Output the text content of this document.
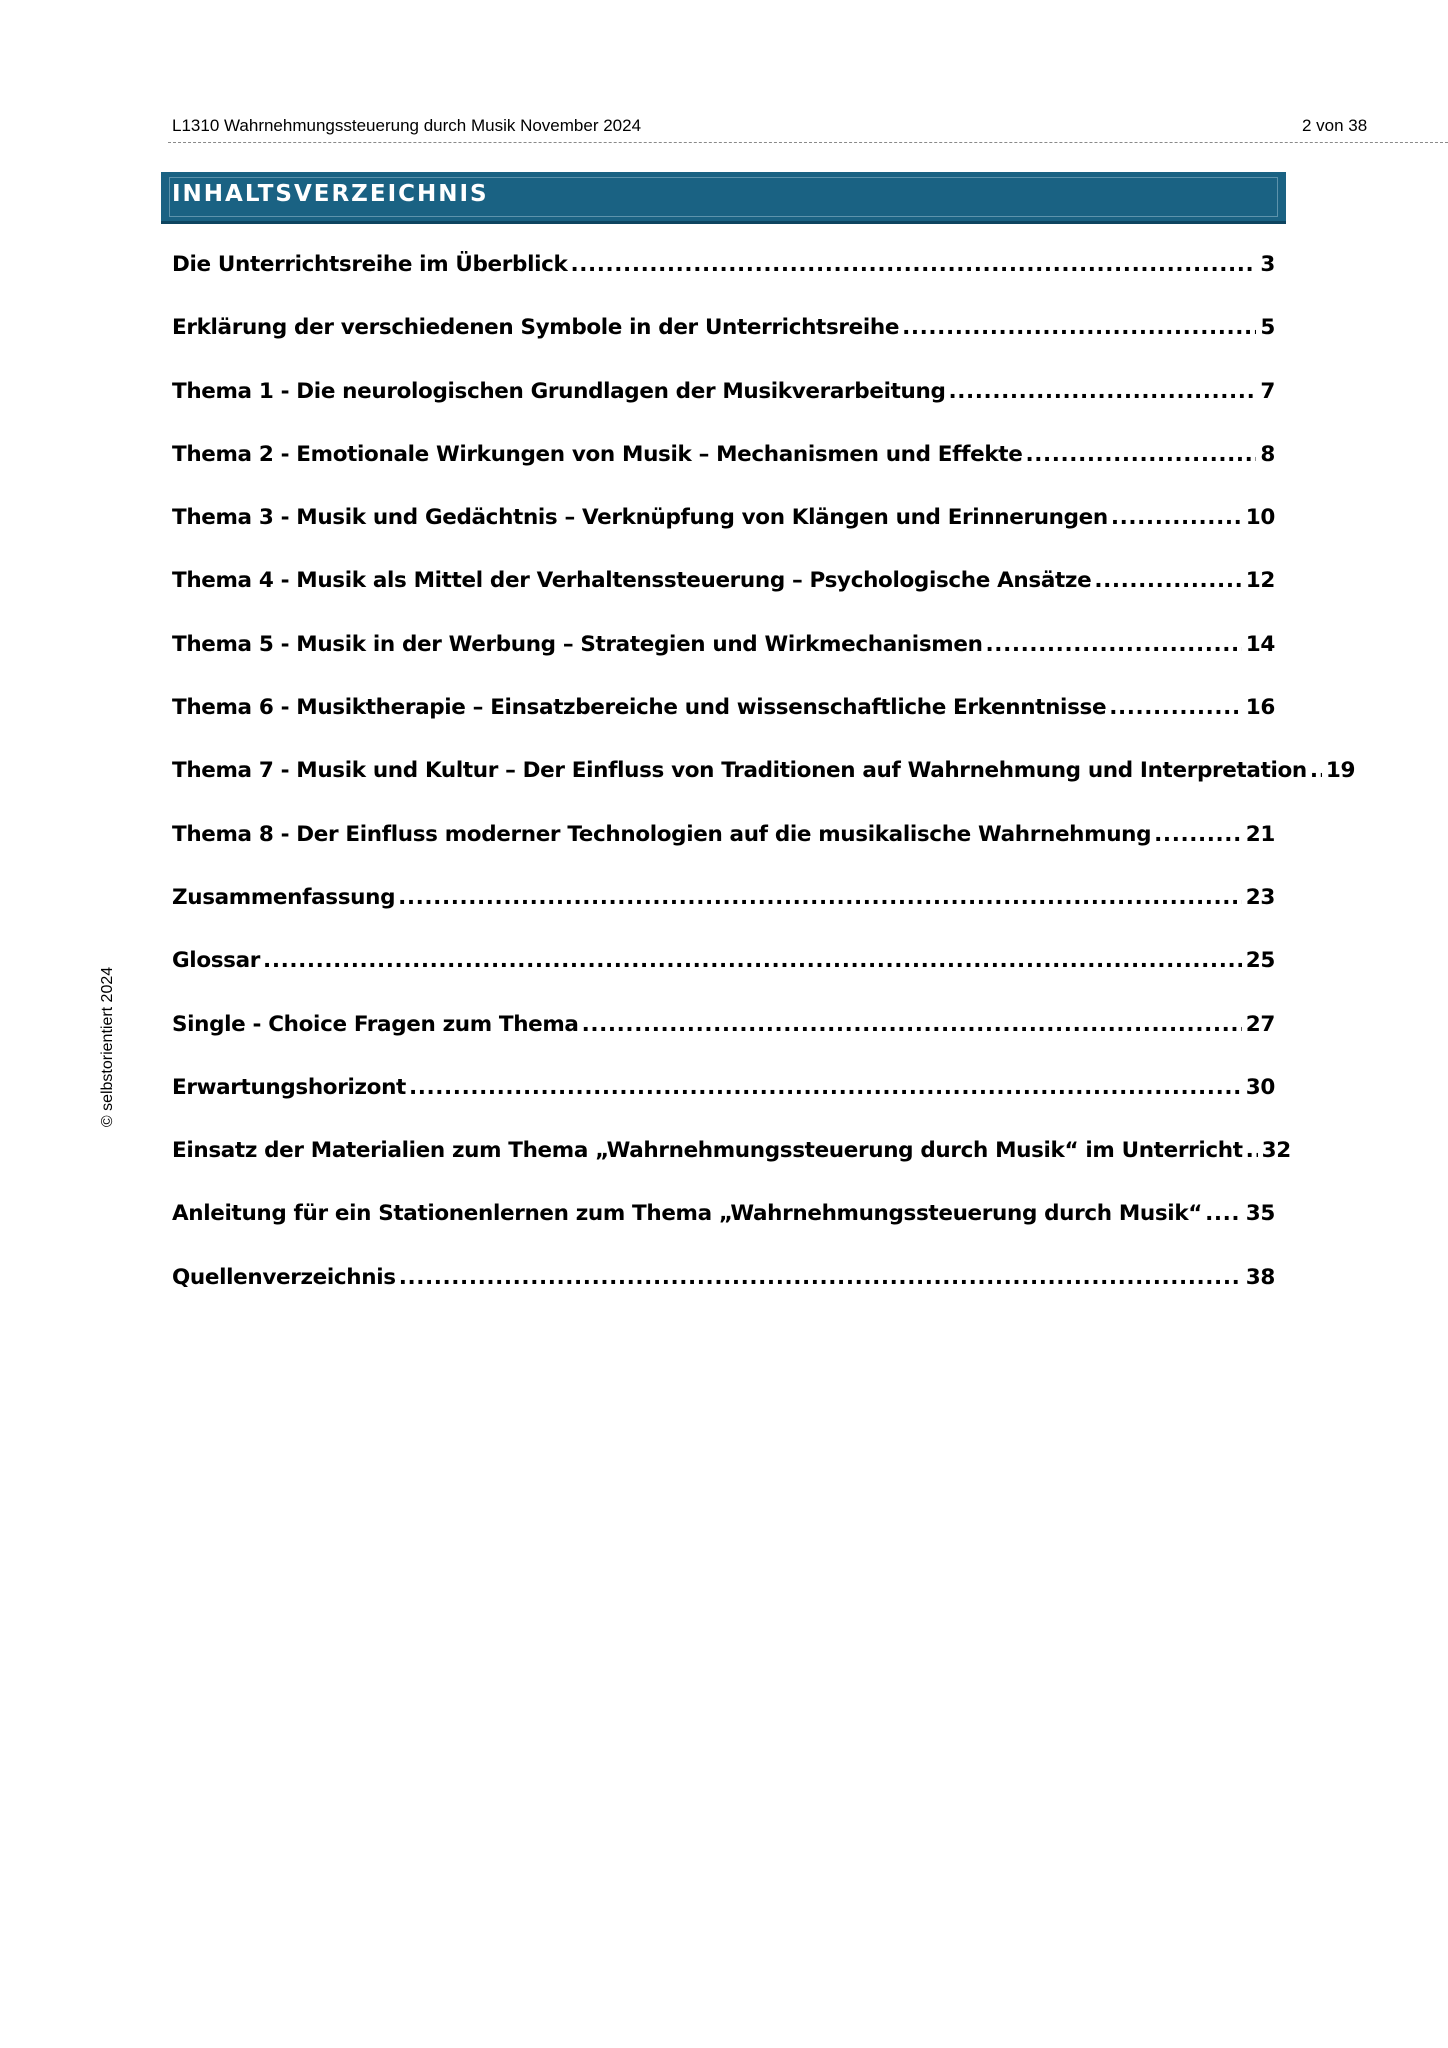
L1310 Wahrnehmungssteuerung durch Musik November 2024	2 von 38
INHALTSVERZEICHNIS
Die Unterrichtsreihe im Überblick .....	3
Erklärung der verschiedenen Symbole in der Unterrichtsreihe .....	5
Thema 1 - Die neurologischen Grundlagen der Musikverarbeitung .....	7
Thema 2 - Emotionale Wirkungen von Musik – Mechanismen und Effekte .....	8
Thema 3 - Musik und Gedächtnis – Verknüpfung von Klängen und Erinnerungen .....	10
Thema 4 - Musik als Mittel der Verhaltenssteuerung – Psychologische Ansätze .....	12
Thema 5 - Musik in der Werbung – Strategien und Wirkmechanismen .....	14
Thema 6 - Musiktherapie – Einsatzbereiche und wissenschaftliche Erkenntnisse .....	16
Thema 7 - Musik und Kultur – Der Einfluss von Traditionen auf Wahrnehmung und Interpretation ..... 19
Thema 8 - Der Einfluss moderner Technologien auf die musikalische Wahrnehmung .....	21
Zusammenfassung .....	23
Glossar .....	25
Single - Choice Fragen zum Thema .....	27
Erwartungshorizont .....	30
Einsatz der Materialien zum Thema „Wahrnehmungssteuerung durch Musik“ im Unterricht ..... 32
Anleitung für ein Stationenlernen zum Thema „Wahrnehmungssteuerung durch Musik“ ..... 35
Quellenverzeichnis .....	38
© selbstorientiert 2024
